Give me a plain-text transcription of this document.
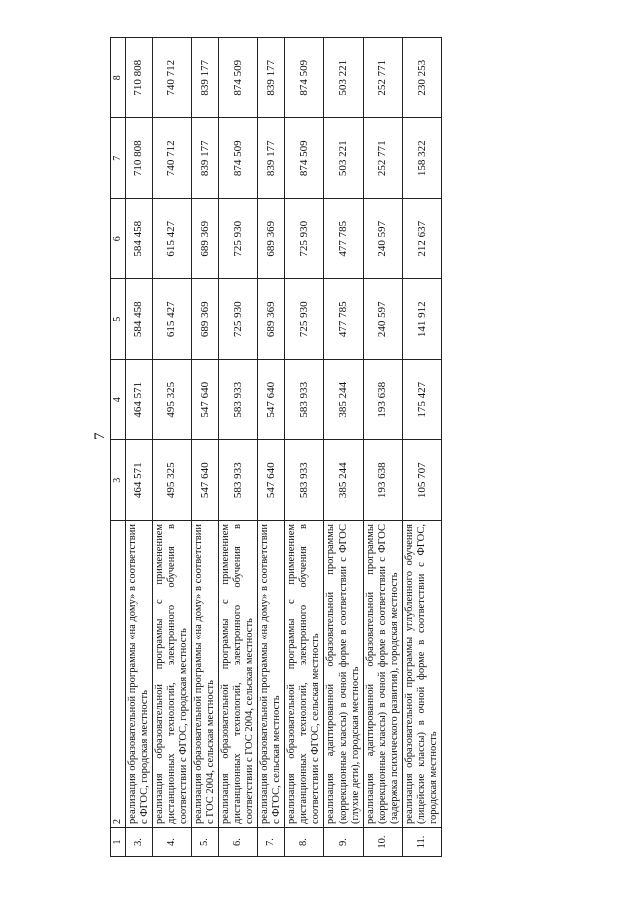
7
1	2	3	4	5	6	7	8
3.	реализация образовательной программы «на дому» в соответствии с ФГОС, городская местность	464 571	464 571	584 458	584 458	710 808	710 808
4.	реализация образовательной программы с применением дистанционных технологий, электронного обучения в соответствии с ФГОС, городская местность	495 325	495 325	615 427	615 427	740 712	740 712
5.	реализация образовательной программы «на дому» в соответствии с ГОС 2004, сельская местность	547 640	547 640	689 369	689 369	839 177	839 177
6.	реализация образовательной программы с применением дистанционных технологий, электронного обучения в соответствии с ГОС 2004, сельская местность	583 933	583 933	725 930	725 930	874 509	874 509
7.	реализация образовательной программы «на дому» в соответствии с ФГОС, сельская местность	547 640	547 640	689 369	689 369	839 177	839 177
8.	реализация образовательной программы с применением дистанционных технологий, электронного обучения в соответствии с ФГОС, сельская местность	583 933	583 933	725 930	725 930	874 509	874 509
9.	реализация адаптированной образовательной программы (коррекционные классы) в очной форме в соответствии с ФГОС (глухие дети), городская местность	385 244	385 244	477 785	477 785	503 221	503 221
10.	реализация адаптированной образовательной программы (коррекционные классы) в очной форме в соответствии с ФГОС (задержка психического развития), городская местность	193 638	193 638	240 597	240 597	252 771	252 771
11.	реализация образовательной программы углубленного обучения (лицейские классы) в очной форме в соответствии с ФГОС, городская местность	105 707	175 427	141 912	212 637	158 322	230 253
